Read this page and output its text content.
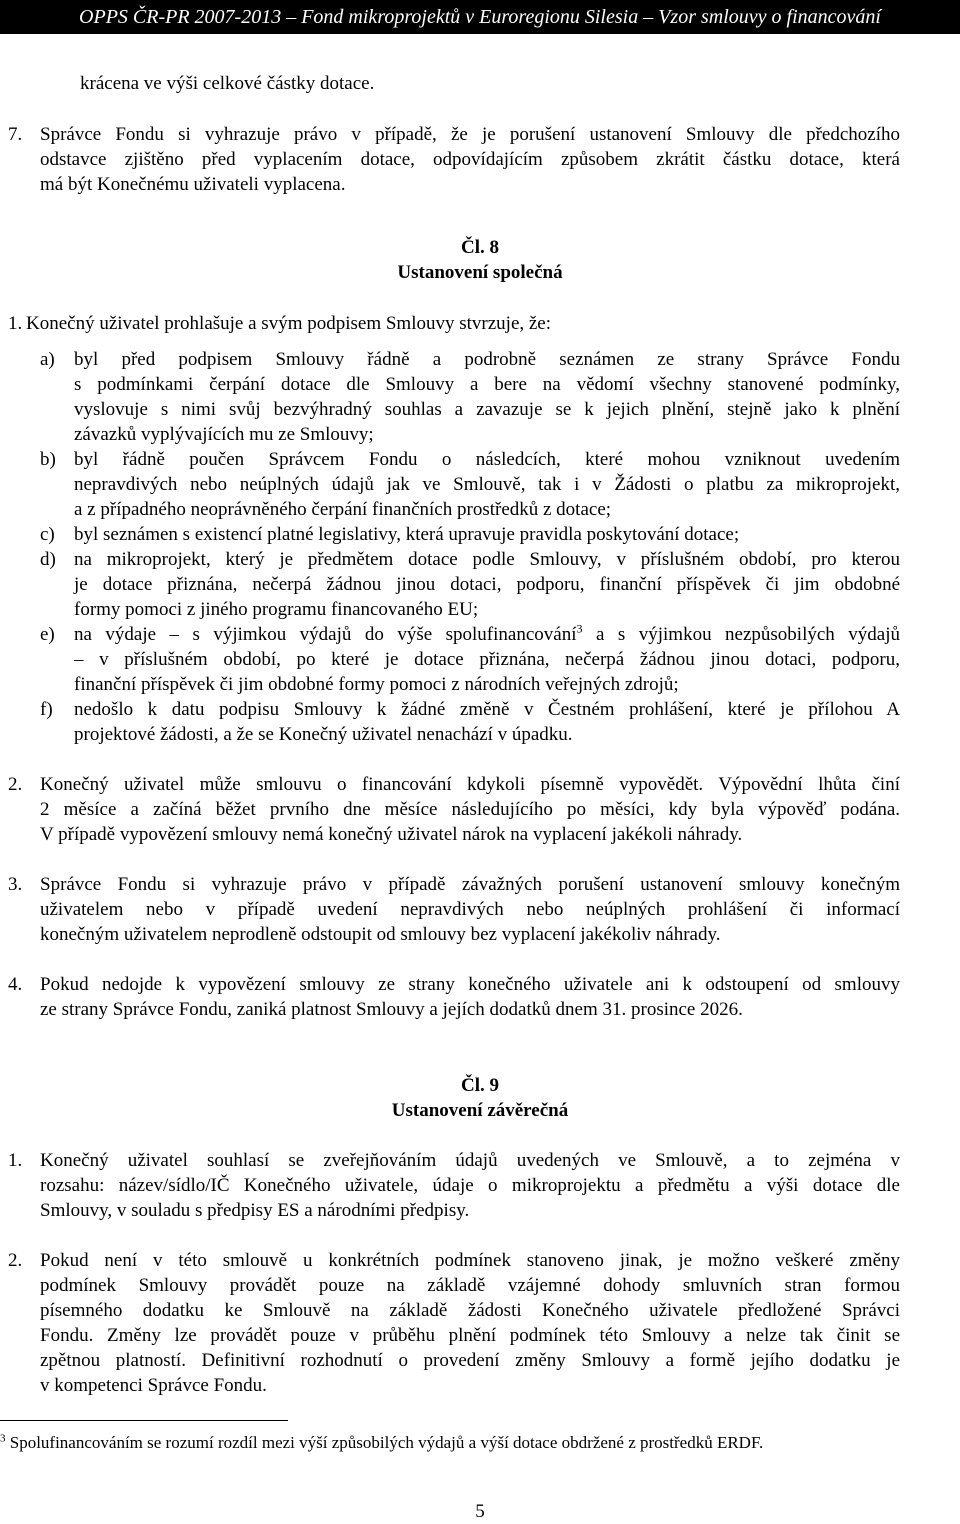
OPPS ČR-PR 2007-2013 – Fond mikroprojektů v Euroregionu Silesia – Vzor smlouvy o financování
krácena ve výši celkové částky dotace.
7. Správce Fondu si vyhrazuje právo v případě, že je porušení ustanovení Smlouvy dle předchozího
odstavce zjištěno před vyplacením dotace, odpovídajícím způsobem zkrátit částku dotace, která
má být Konečnému uživateli vyplacena.
Čl. 8
Ustanovení společná
1. Konečný uživatel prohlašuje a svým podpisem Smlouvy stvrzuje, že:
a) byl před podpisem Smlouvy řádně a podrobně seznámen ze strany Správce Fondu
s podmínkami čerpání dotace dle Smlouvy a bere na vědomí všechny stanovené podmínky,
vyslovuje s nimi svůj bezvýhradný souhlas a zavazuje se k jejich plnění, stejně jako k plnění
závazků vyplývajících mu ze Smlouvy;
b) byl řádně poučen Správcem Fondu o následcích, které mohou vzniknout uvedením
nepravdivých nebo neúplných údajů jak ve Smlouvě, tak i v Žádosti o platbu za mikroprojekt,
a z případného neoprávněného čerpání finančních prostředků z dotace;
c) byl seznámen s existencí platné legislativy, která upravuje pravidla poskytování dotace;
d) na mikroprojekt, který je předmětem dotace podle Smlouvy, v příslušném období, pro kterou
je dotace přiznána, nečerpá žádnou jinou dotaci, podporu, finanční příspěvek či jim obdobné
formy pomoci z jiného programu financovaného EU;
e) na výdaje – s výjimkou výdajů do výše spolufinancování$^3$ a s výjimkou nezpůsobilých výdajů
– v příslušném období, po které je dotace přiznána, nečerpá žádnou jinou dotaci, podporu,
finanční příspěvek či jim obdobné formy pomoci z národních veřejných zdrojů;
f) nedošlo k datu podpisu Smlouvy k žádné změně v Čestném prohlášení, které je přílohou A
projektové žádosti, a že se Konečný uživatel nenachází v úpadku.
2. Konečný uživatel může smlouvu o financování kdykoli písemně vypovědět. Výpovědní lhůta činí
2 měsíce a začíná běžet prvního dne měsíce následujícího po měsíci, kdy byla výpověď podána.
V případě vypovězení smlouvy nemá konečný uživatel nárok na vyplacení jakékoli náhrady.
3. Správce Fondu si vyhrazuje právo v případě závažných porušení ustanovení smlouvy konečným
uživatelem nebo v případě uvedení nepravdivých nebo neúplných prohlášení či informací
konečným uživatelem neprodleně odstoupit od smlouvy bez vyplacení jakékoliv náhrady.
4. Pokud nedojde k vypovězení smlouvy ze strany konečného uživatele ani k odstoupení od smlouvy
ze strany Správce Fondu, zaniká platnost Smlouvy a jejích dodatků dnem 31. prosince 2026.
Čl. 9
Ustanovení závěrečná
1. Konečný uživatel souhlasí se zveřejňováním údajů uvedených ve Smlouvě, a to zejména v
rozsahu: název/sídlo/IČ Konečného uživatele, údaje o mikroprojektu a předmětu a výši dotace dle
Smlouvy, v souladu s předpisy ES a národními předpisy.
2. Pokud není v této smlouvě u konkrétních podmínek stanoveno jinak, je možno veškeré změny
podmínek Smlouvy provádět pouze na základě vzájemné dohody smluvních stran formou
písemného dodatku ke Smlouvě na základě žádosti Konečného uživatele předložené Správci
Fondu. Změny lze provádět pouze v průběhu plnění podmínek této Smlouvy a nelze tak činit se
zpětnou platností. Definitivní rozhodnutí o provedení změny Smlouvy a formě jejího dodatku je
v kompetenci Správce Fondu.
$^3$ Spolufinancováním se rozumí rozdíl mezi výší způsobilých výdajů a výší dotace obdržené z prostředků ERDF.
5
